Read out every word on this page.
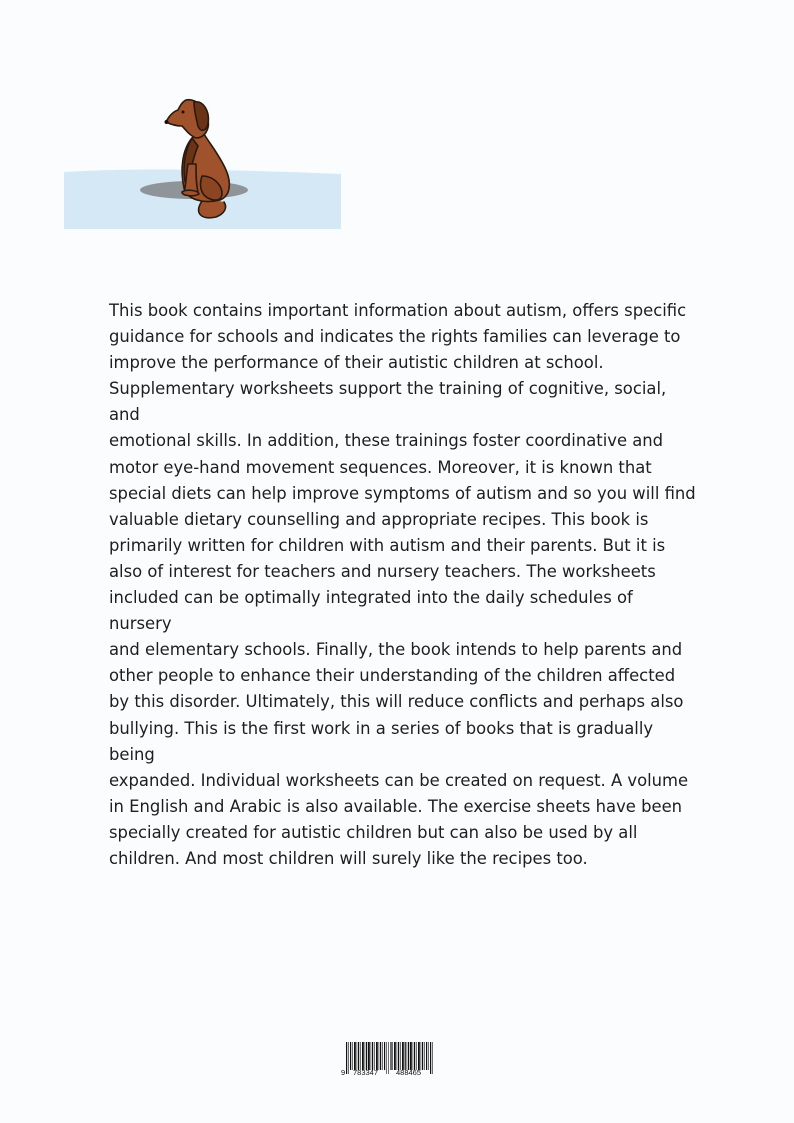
This book contains important information about autism, offers specific
guidance for schools and indicates the rights families can leverage to
improve the performance of their autistic children at school.
Supplementary worksheets support the training of cognitive, social, and
emotional skills. In addition, these trainings foster coordinative and
motor eye-hand movement sequences. Moreover, it is known that
special diets can help improve symptoms of autism and so you will find
valuable dietary counselling and appropriate recipes. This book is
primarily written for children with autism and their parents. But it is
also of interest for teachers and nursery teachers. The worksheets
included can be optimally integrated into the daily schedules of nursery
and elementary schools. Finally, the book intends to help parents and
other people to enhance their understanding of the children affected
by this disorder. Ultimately, this will reduce conflicts and perhaps also
bullying. This is the first work in a series of books that is gradually being
expanded. Individual worksheets can be created on request. A volume
in English and Arabic is also available. The exercise sheets have been
specially created for autistic children but can also be used by all
children. And most children will surely like the recipes too.

9 783347 488465
